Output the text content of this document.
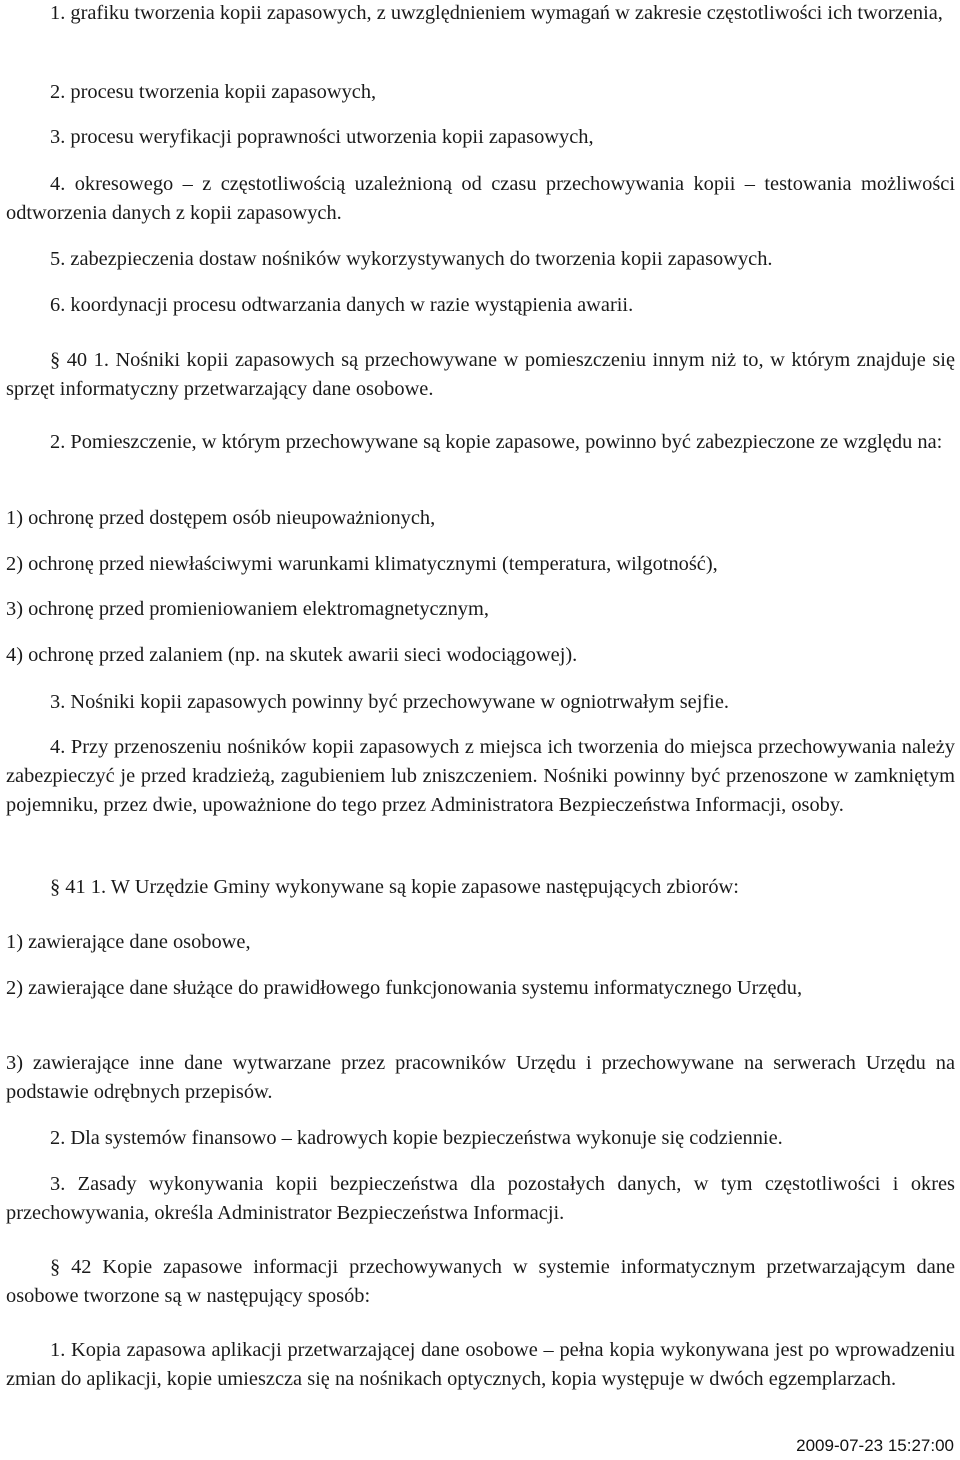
1. grafiku tworzenia kopii zapasowych, z uwzględnieniem wymagań w zakresie częstotliwości ich tworzenia,

2. procesu tworzenia kopii zapasowych,

3. procesu weryfikacji poprawności utworzenia kopii zapasowych,

4. okresowego – z częstotliwością uzależnioną od czasu przechowywania kopii – testowania możliwości odtworzenia danych z kopii zapasowych.

5. zabezpieczenia dostaw nośników wykorzystywanych do tworzenia kopii zapasowych.

6. koordynacji procesu odtwarzania danych w razie wystąpienia awarii.

§ 40 1. Nośniki kopii zapasowych są przechowywane w pomieszczeniu innym niż to, w którym znajduje się sprzęt informatyczny przetwarzający dane osobowe.

2. Pomieszczenie, w którym przechowywane są kopie zapasowe, powinno być zabezpieczone ze względu na:

1) ochronę przed dostępem osób nieupoważnionych,

2) ochronę przed niewłaściwymi warunkami klimatycznymi (temperatura, wilgotność),

3) ochronę przed promieniowaniem elektromagnetycznym,

4) ochronę przed zalaniem (np. na skutek awarii sieci wodociągowej).

3. Nośniki kopii zapasowych powinny być przechowywane w ogniotrwałym sejfie.

4. Przy przenoszeniu nośników kopii zapasowych z miejsca ich tworzenia do miejsca przechowywania należy zabezpieczyć je przed kradzieżą, zagubieniem lub zniszczeniem. Nośniki powinny być przenoszone w zamkniętym pojemniku, przez dwie, upoważnione do tego przez Administratora Bezpieczeństwa Informacji, osoby.

§ 41 1. W Urzędzie Gminy wykonywane są kopie zapasowe następujących zbiorów:

1) zawierające dane osobowe,

2) zawierające dane służące do prawidłowego funkcjonowania systemu informatycznego Urzędu,

3) zawierające inne dane wytwarzane przez pracowników Urzędu i przechowywane na serwerach Urzędu na podstawie odrębnych przepisów.

2. Dla systemów finansowo – kadrowych kopie bezpieczeństwa wykonuje się codziennie.

3. Zasady wykonywania kopii bezpieczeństwa dla pozostałych danych, w tym częstotliwości i okres przechowywania, określa Administrator Bezpieczeństwa Informacji.

§ 42 Kopie zapasowe informacji przechowywanych w systemie informatycznym przetwarzającym dane osobowe tworzone są w następujący sposób:

1. Kopia zapasowa aplikacji przetwarzającej dane osobowe – pełna kopia wykonywana jest po wprowadzeniu zmian do aplikacji, kopie umieszcza się na nośnikach optycznych, kopia występuje w dwóch egzemplarzach.

2009-07-23 15:27:00
